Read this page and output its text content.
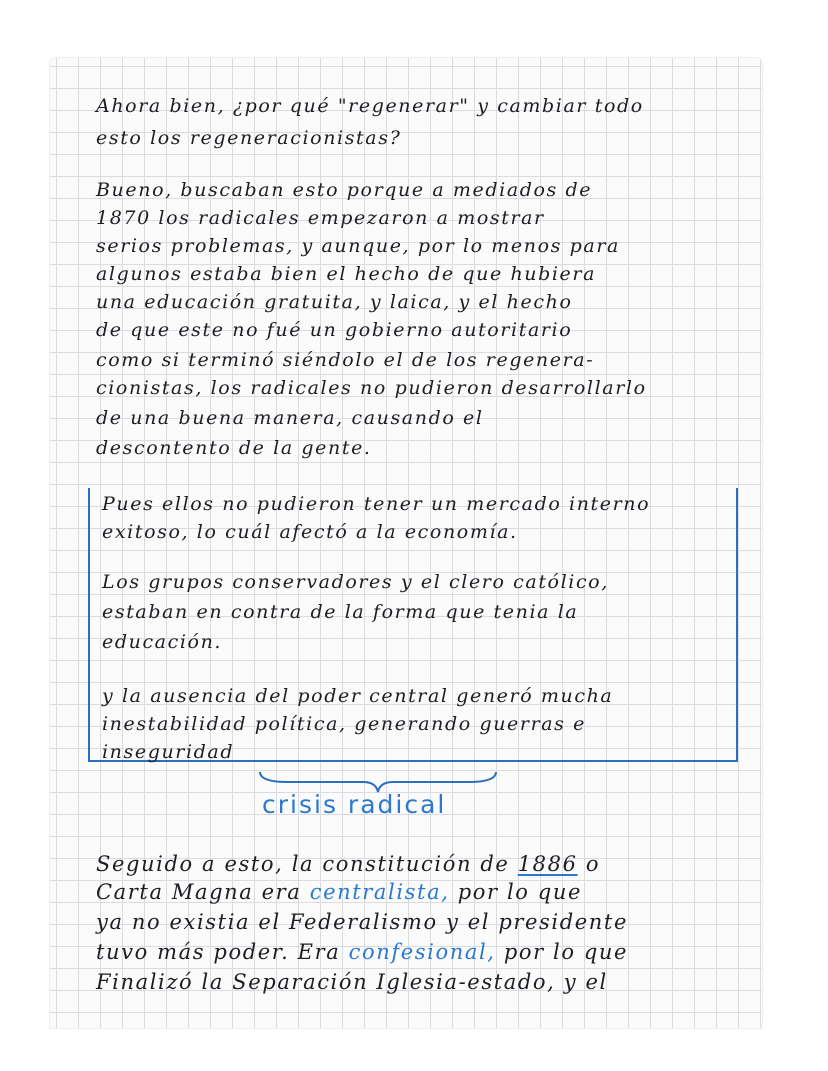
Ahora bien, ¿por qué "regenerar" y cambiar todo
esto los regeneracionistas?
Bueno, buscaban esto porque a mediados de
1870 los radicales empezaron a mostrar
serios problemas, y aunque, por lo menos para
algunos estaba bien el hecho de que hubiera
una educación gratuita, y laica, y el hecho
de que este no fué un gobierno autoritario
como si terminó siéndolo el de los regenera-
cionistas, los radicales no pudieron desarrollarlo
de una buena manera, causando el
descontento de la gente.
Pues ellos no pudieron tener un mercado interno
exitoso, lo cuál afectó a la economía.
Los grupos conservadores y el clero católico,
estaban en contra de la forma que tenia la
educación.
y la ausencia del poder central generó mucha
inestabilidad política, generando guerras e
inseguridad
crisis radical
Seguido a esto, la constitución de 1886 o
Carta Magna era centralista, por lo que
ya no existia el Federalismo y el presidente
tuvo más poder. Era confesional, por lo que
Finalizó la Separación Iglesia-estado, y el
